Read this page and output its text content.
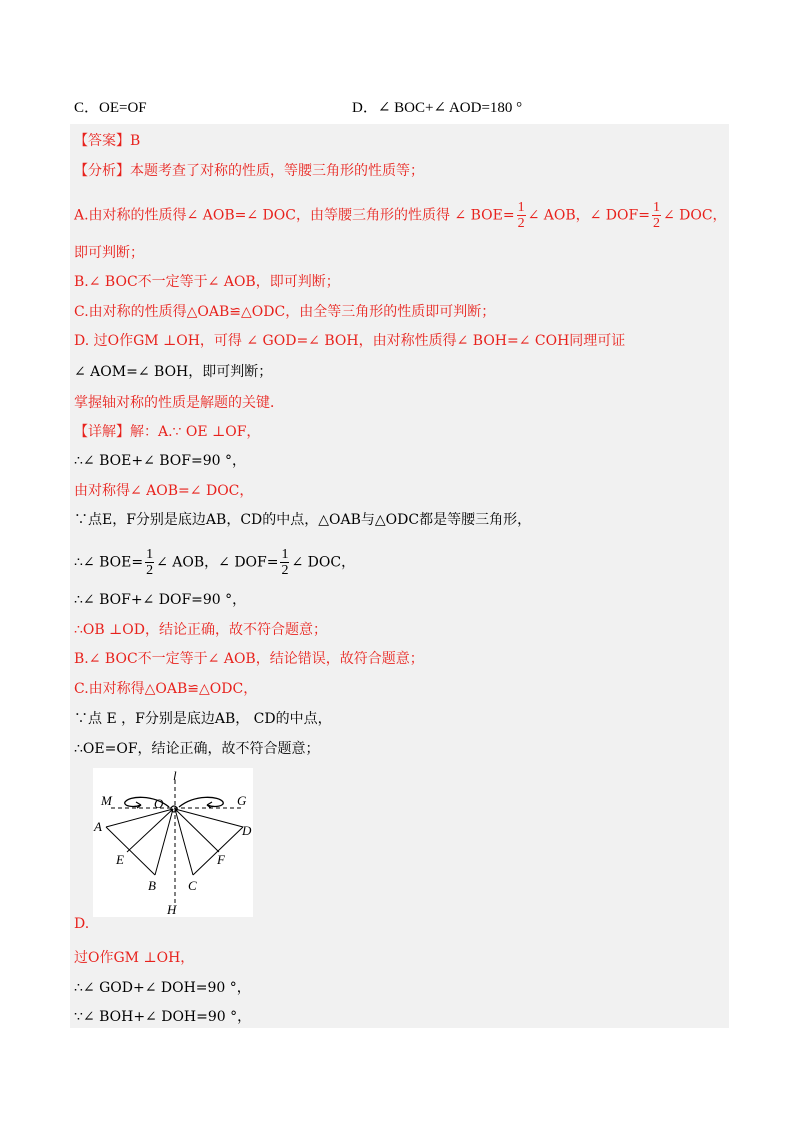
C．OE=OF	D．∠ BOC+∠ AOD=180 °
【答案】B
【分析】本题考查了对称的性质，等腰三角形的性质等；
A.由对称的性质得∠ AOB=∠ DOC，由等腰三角形的性质得 ∠ $BOE= \frac{1}{2}$ ∠ AOB，∠ $DOF= \frac{1}{2}$ ∠ DOC，
即可判断；
B.∠ BOC不一定等于∠ AOB，即可判断；
C.由对称的性质得△OAB≌△ODC，由全等三角形的性质即可判断；
D. 过O作GM ⊥OH，可得 ∠ GOD=∠ BOH，由对称性质得∠ BOH=∠ COH同理可证
∠ AOM=∠ BOH，即可判断；
掌握轴对称的性质是解题的关键．
【详解】解：A.∵ OE ⊥OF，
∴∠ BOE+∠ BOF=90 °，
由对称得∠ AOB=∠ DOC，
∵点E，F分别是底边AB，CD的中点，△OAB与△ODC都是等腰三角形，
∴∠ $BOE= \frac{1}{2}$ ∠ AOB，∠ $DOF= \frac{1}{2}$ ∠ DOC，
∴∠ BOF+∠ DOF=90 °，
∴OB ⊥OD，结论正确，故不符合题意；
B.∠ BOC不一定等于∠ AOB，结论错误，故符合题意；
C.由对称得△OAB≌△ODC，
∵点 E ，F分别是底边AB， CD的中点，
∴OE=OF，结论正确，故不符合题意；
l
M	O	G
A	D
E	F
B C
H
D.
过O作GM ⊥OH，
∴∠ GOD+∠ DOH=90 °，
∵∠ BOH+∠ DOH=90 °，
